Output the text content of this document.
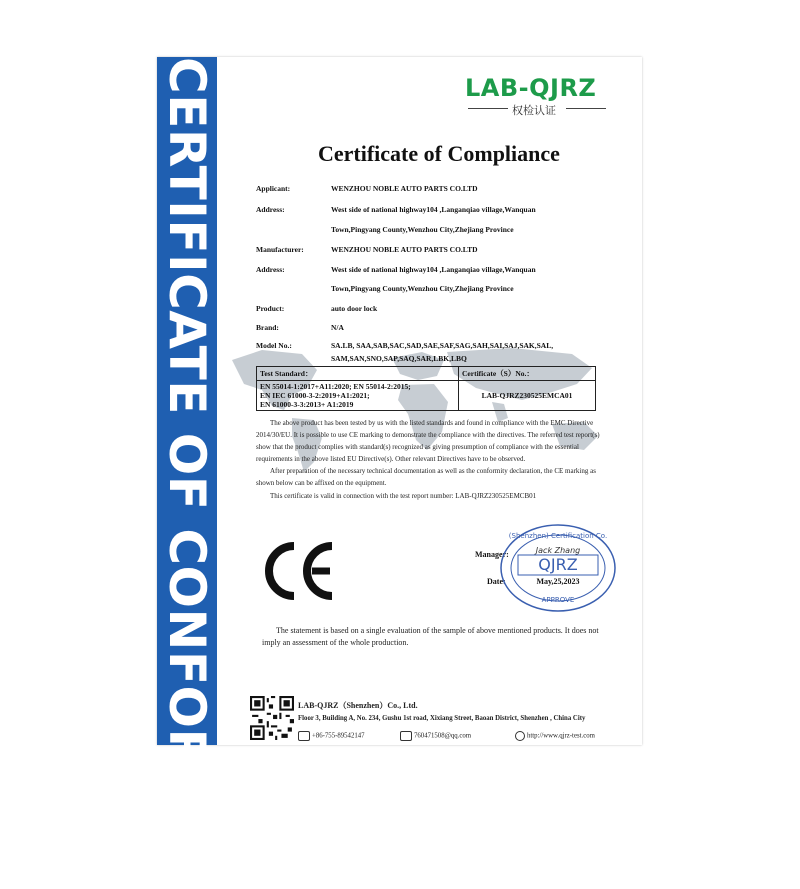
CERTIFICATE OF CONFORMTY	LAB-QJRZ
权检认证
Certificate of Compliance
Applicant:	WENZHOU NOBLE AUTO PARTS CO.LTD
Address:	West side of national highway104 ,Langanqiao village,Wanquan
Town,Pingyang County,Wenzhou City,Zhejiang Province
Manufacturer:	WENZHOU NOBLE AUTO PARTS CO.LTD
Address:	West side of national highway104 ,Langanqiao village,Wanquan
Town,Pingyang County,Wenzhou City,Zhejiang Province
Product:	auto door lock
Brand:	N/A
Model No.:	SA.LB, SAA,SAB,SAC,SAD,SAE,SAF,SAG,SAH,SAI,SAJ,SAK,SAL,
SAM,SAN,SNO,SAP,SAQ,SAR,LBK,LBQ
Test Standard：	Certificate（S）No.：

EN 55014-1:2017+A11:2020; EN 55014-2:2015;
EN IEC 61000-3-2:2019+A1:2021;
EN 61000-3-3:2013+ A1:2019	LAB-QJRZ230525EMCA01
The above product has been tested by us with the listed standards and found in compliance with the EMC Directive
2014/30/EU. It is possible to use CE marking to demonstrate the compliance with the directives. The referred test report(s)
show that the product complies with standard(s) recognized as giving presumption of compliance with the essential
requirements in the above listed EU Directive(s). Other relevant Directives have to be observed.
After preparation of the necessary technical documentation as well as the conformity declaration, the CE marking as
shown below can be affixed on the equipment.
This certificate is valid in connection with the test report number: LAB-QJRZ230525EMCB01
CE
Manager:
Date:
(Shenzhen) Certification Co.
Jack Zhang
QJRZ
May,25,2023
APPROVE
The statement is based on a single evaluation of the sample of above mentioned products. It does not
imply an assessment of the whole production.
LAB-QJRZ（Shenzhen）Co., Ltd.
Floor 3, Building A, No. 234, Gushu 1st road, Xixiang Street, Baoan District, Shenzhen , China City
+86-755-89542147	760471508@qq.com	http://www.qjrz-test.com
